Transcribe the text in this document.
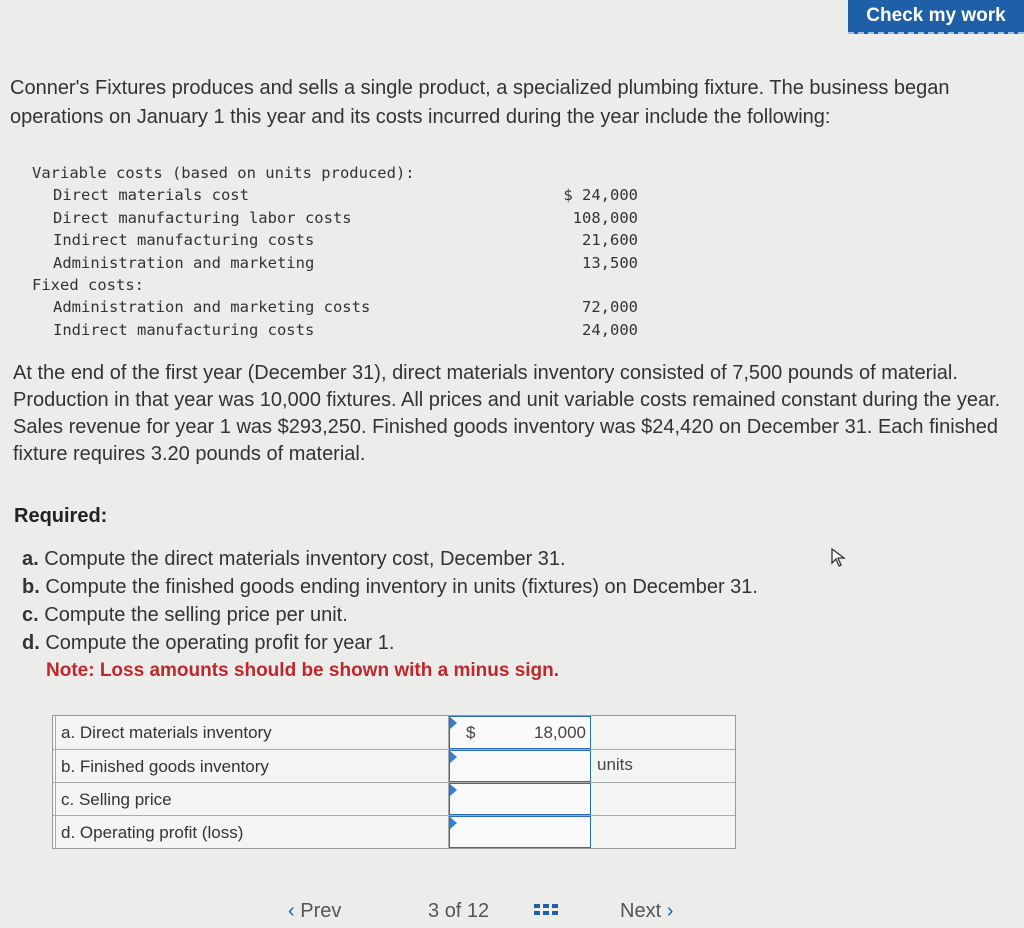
Check my work
Conner's Fixtures produces and sells a single product, a specialized plumbing fixture. The business began operations on January 1 this year and its costs incurred during the year include the following:
Variable costs (based on units produced):
Direct materials cost	$ 24,000
Direct manufacturing labor costs	108,000
Indirect manufacturing costs	21,600
Administration and marketing	13,500
Fixed costs:
Administration and marketing costs	72,000
Indirect manufacturing costs	24,000
At the end of the first year (December 31), direct materials inventory consisted of 7,500 pounds of material. Production in that year was 10,000 fixtures. All prices and unit variable costs remained constant during the year. Sales revenue for year 1 was $293,250. Finished goods inventory was $24,420 on December 31. Each finished fixture requires 3.20 pounds of material.
Required:
a. Compute the direct materials inventory cost, December 31.
b. Compute the finished goods ending inventory in units (fixtures) on December 31.
c. Compute the selling price per unit.
d. Compute the operating profit for year 1.
Note: Loss amounts should be shown with a minus sign.
a. Direct materials inventory	$	18,000
b. Finished goods inventory	units
c. Selling price
d. Operating profit (loss)
‹ Prev	3 of 12	Next ›
